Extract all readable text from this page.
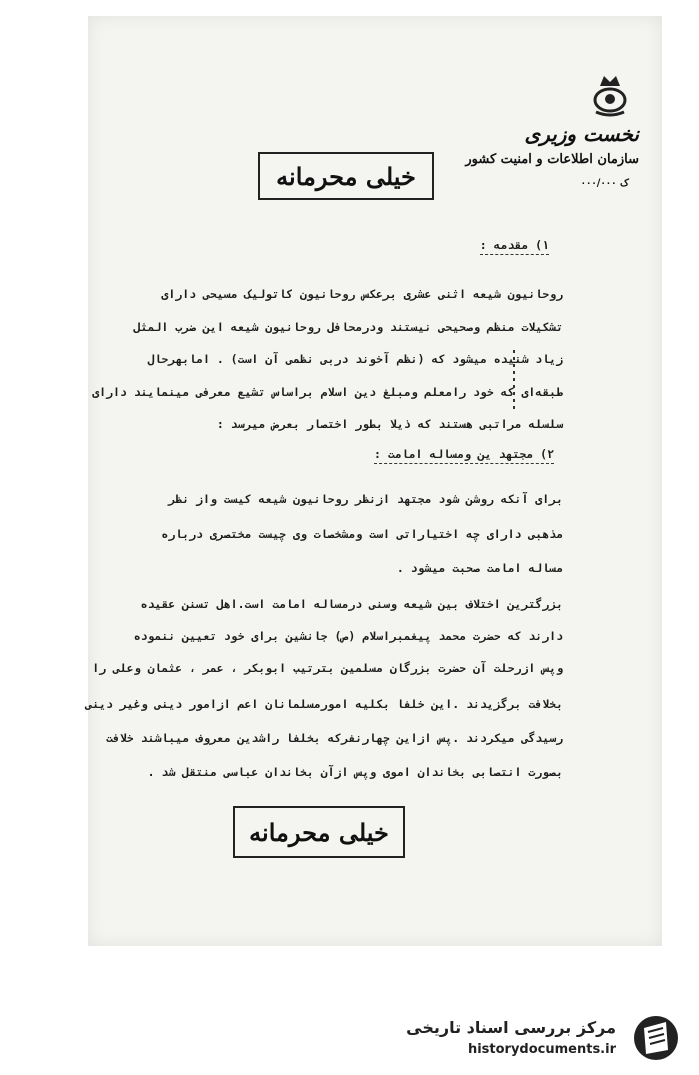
نخست وزیری
سازمان اطلاعات و امنیت کشور
۰۰۰/۰۰۰ ک
خیلی محرمانه
۱) مقدمه :
روحانیون شیعه اثنی عشری برعکس روحانیون کاتولیک مسیحی دارای
تشکیلات منظم وصحیحی نیستند ودرمحافل روحانیون شیعه این ضرب المثل
زیاد شنیده میشود که (نظم آخوند دربی نظمی آن است) . امابهرحال
طبقه‌ای که خود رامعلم ومبلغ دین اسلام براساس تشیع معرفی مینمایند دارای
سلسله مراتبی هستند که ذیلا بطور اختصار بعرض میرسد :
۲) مجتهد ین ومساله امامت :
برای آنکه روشن شود مجتهد ازنظر روحانیون شیعه کیست واز نظر
مذهبی دارای چه اختیاراتی است ومشخصات وی چیست مختصری درباره
مساله امامت صحبت میشود .
بزرگترین اختلاف بین شیعه وسنی درمساله امامت است.اهل تسنن عقیده
دارند که حضرت محمد پیغمبراسلام (ص) جانشین برای خود تعیین ننموده
وپس ازرحلت آن حضرت بزرگان مسلمین بترتیب ابوبکر ، عمر ، عثمان وعلی را
بخلافت برگزیدند .این خلفا بکلیه امورمسلمانان اعم ازامور دینی وغیر دینی
رسیدگی میکردند .پس ازاین چهارنفرکه بخلفا راشدین معروف میباشند خلافت
بصورت انتصابی بخاندان اموی وپس ازآن بخاندان عباسی منتقل شد .
خیلی محرمانه
مرکز بررسی اسناد تاریخی
historydocuments.ir
